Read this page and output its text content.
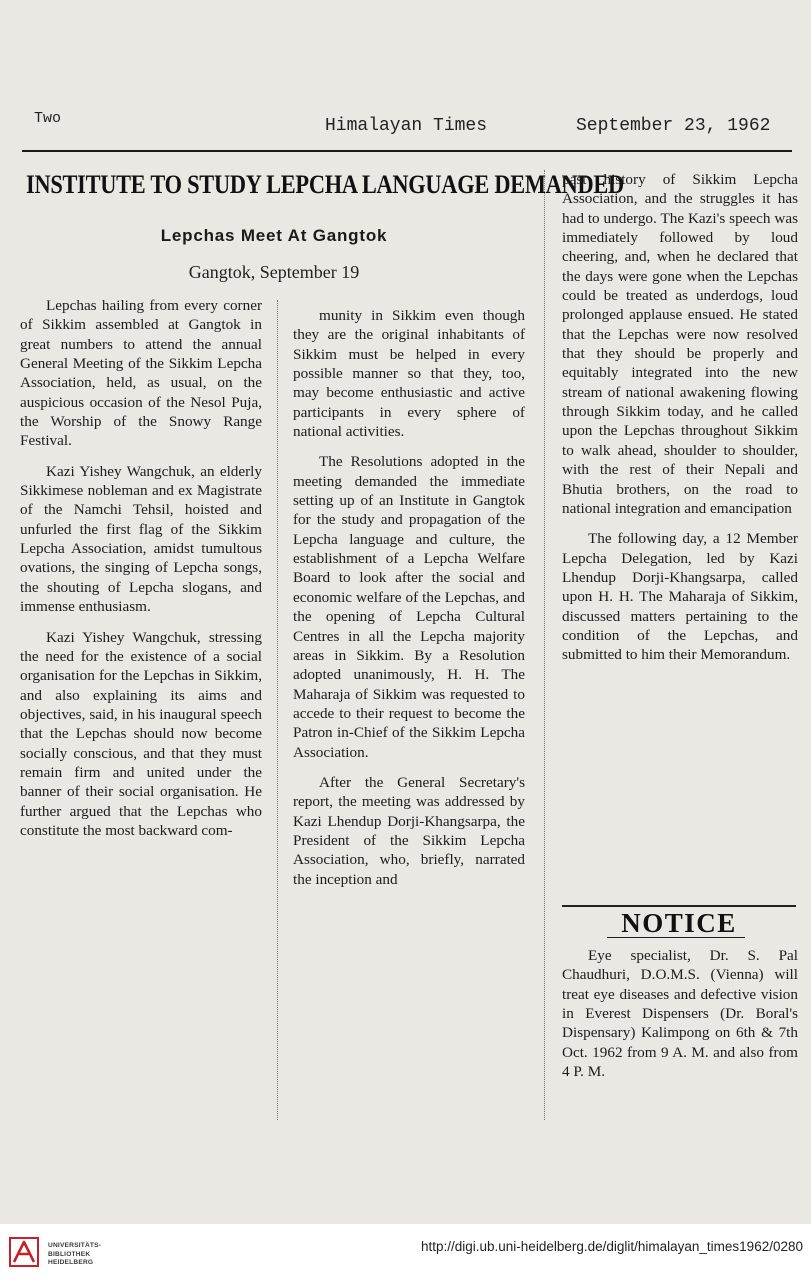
Two	Himalayan Times	September 23, 1962
INSTITUTE TO STUDY LEPCHA LANGUAGE DEMANDED
Lepchas Meet At Gangtok
Gangtok, September 19

Lepchas hailing from every corner of Sikkim assembled at Gangtok in great numbers to attend the annual General Meeting of the Sikkim Lepcha Association, held, as usual, on the auspicious occasion of the Nesol Puja, the Worship of the Snowy Range Festival.

Kazi Yishey Wangchuk, an elderly Sikkimese nobleman and ex Magistrate of the Namchi Tehsil, hoisted and unfurled the first flag of the Sikkim Lepcha Association, amidst tumultous ovations, the singing of Lepcha songs, the shouting of Lepcha slogans, and immense enthusiasm.

Kazi Yishey Wangchuk, stressing the need for the existence of a social organisation for the Lepchas in Sikkim, and also explaining its aims and objectives, said, in his inaugural speech that the Lepchas should now become socially conscious, and that they must remain firm and united under the banner of their social organisation. He further argued that the Lepchas who constitute the most backward com-

munity in Sikkim even though they are the original inhabitants of Sikkim must be helped in every possible manner so that they, too, may become enthusiastic and active participants in every sphere of national activities.

The Resolutions adopted in the meeting demanded the immediate setting up of an Institute in Gangtok for the study and propagation of the Lepcha language and culture, the establishment of a Lepcha Welfare Board to look after the social and economic welfare of the Lepchas, and the opening of Lepcha Cultural Centres in all the Lepcha majority areas in Sikkim. By a Resolution adopted unanimously, H. H. The Maharaja of Sikkim was requested to accede to their request to become the Patron in-Chief of the Sikkim Lepcha Association.

After the General Secretary's report, the meeting was addressed by Kazi Lhendup Dorji-Khangsarpa, the President of the Sikkim Lepcha Association, who, briefly, narrated the inception and

past history of Sikkim Lepcha Association, and the struggles it has had to undergo. The Kazi's speech was immediately followed by loud cheering, and, when he declared that the days were gone when the Lepchas could be treated as underdogs, loud prolonged applause ensued. He stated that the Lepchas were now resolved that they should be properly and equitably integrated into the new stream of national awakening flowing through Sikkim today, and he called upon the Lepchas throughout Sikkim to walk ahead, shoulder to shoulder, with the rest of their Nepali and Bhutia brothers, on the road to national integration and emancipation

The following day, a 12 Member Lepcha Delegation, led by Kazi Lhendup Dorji-Khangsarpa, called upon H. H. The Maharaja of Sikkim, discussed matters pertaining to the condition of the Lepchas, and submitted to him their Memorandum.

NOTICE

Eye specialist, Dr. S. Pal Chaudhuri, D.O.M.S. (Vienna) will treat eye diseases and defective vision in Everest Dispensers (Dr. Boral's Dispensary) Kalimpong on 6th & 7th Oct. 1962 from 9 A. M. and also from 4 P. M.

UNIVERSITÄTS-
BIBLIOTHEK
HEIDELBERG
http://digi.ub.uni-heidelberg.de/diglit/himalayan_times1962/0280
